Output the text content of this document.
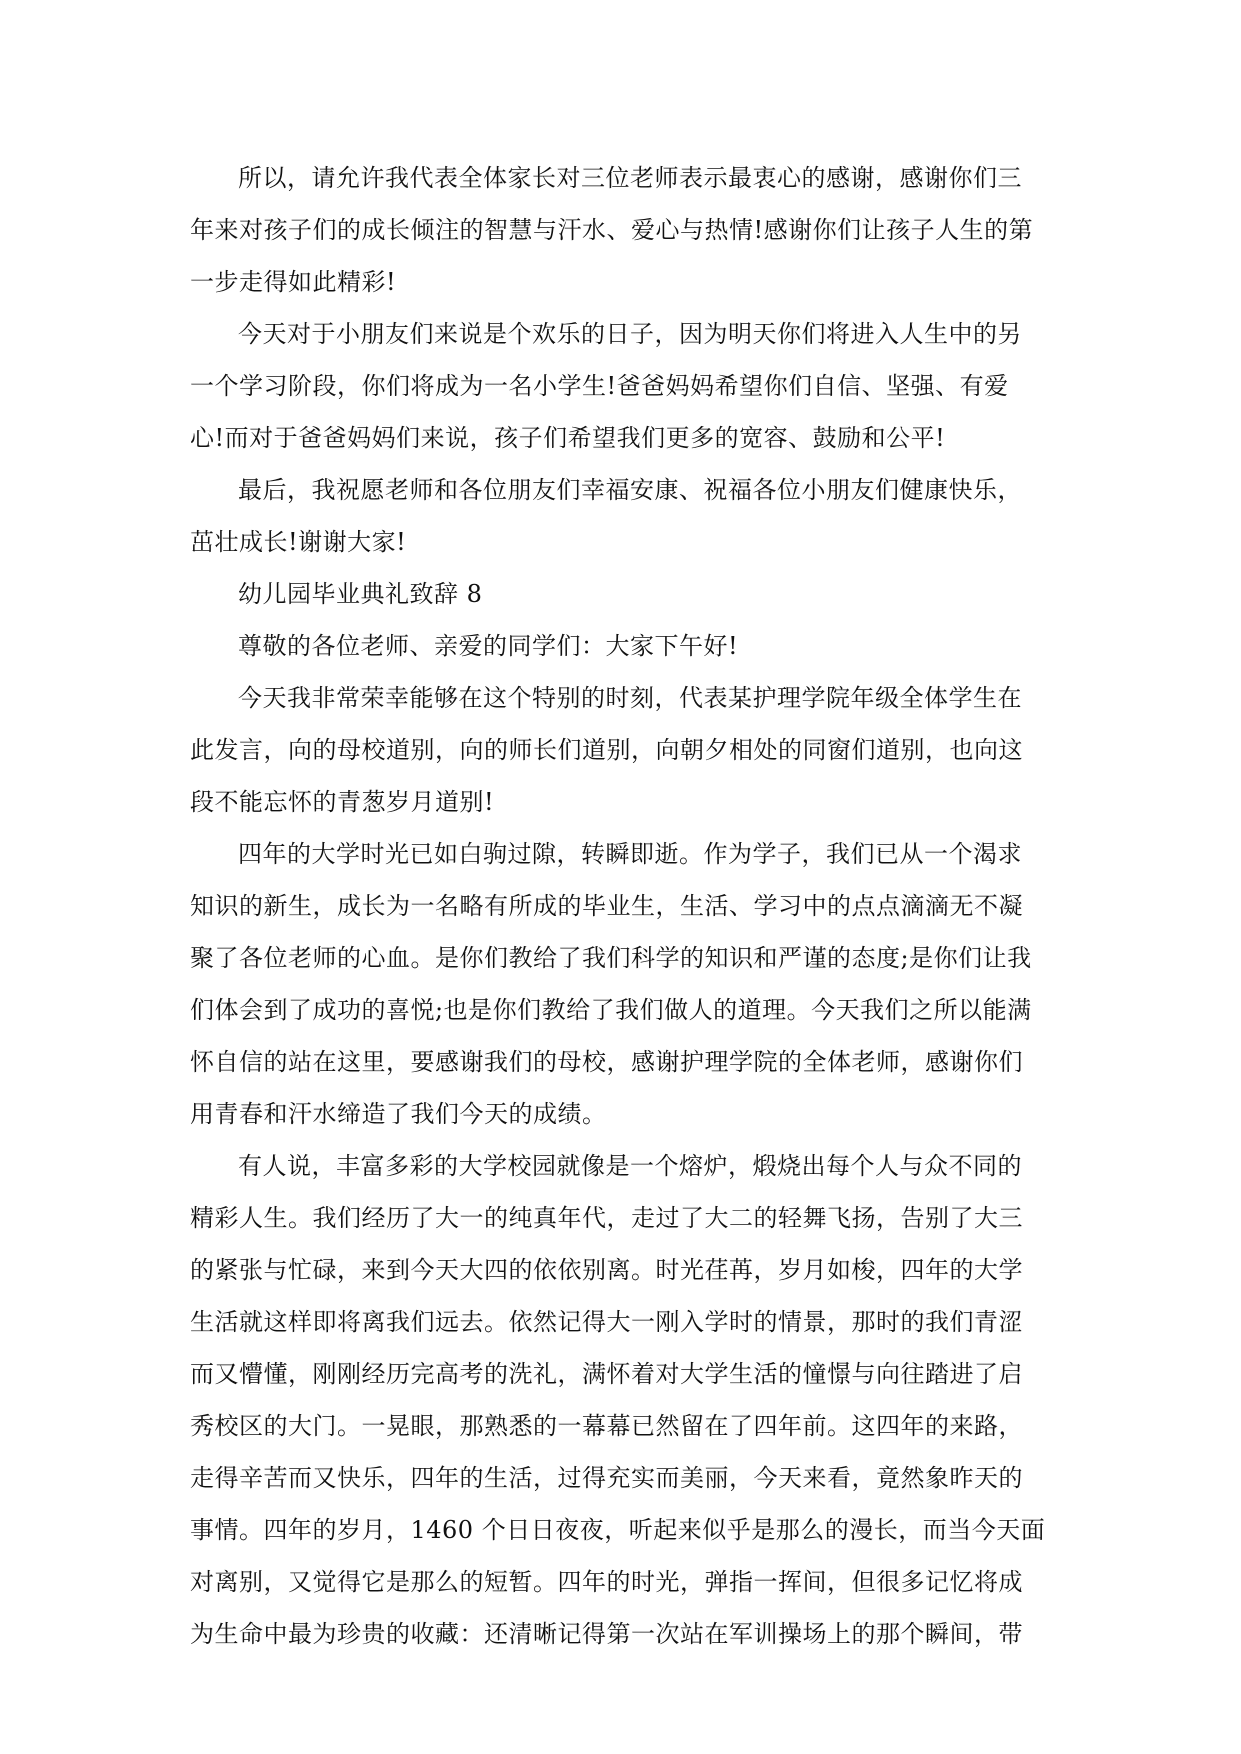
所以，请允许我代表全体家长对三位老师表示最衷心的感谢，感谢你们三
年来对孩子们的成长倾注的智慧与汗水、爱心与热情!感谢你们让孩子人生的第
一步走得如此精彩!
今天对于小朋友们来说是个欢乐的日子，因为明天你们将进入人生中的另
一个学习阶段，你们将成为一名小学生!爸爸妈妈希望你们自信、坚强、有爱
心!而对于爸爸妈妈们来说，孩子们希望我们更多的宽容、鼓励和公平!
最后，我祝愿老师和各位朋友们幸福安康、祝福各位小朋友们健康快乐，
茁壮成长!谢谢大家!
幼儿园毕业典礼致辞 8
尊敬的各位老师、亲爱的同学们：大家下午好!
今天我非常荣幸能够在这个特别的时刻，代表某护理学院年级全体学生在
此发言，向的母校道别，向的师长们道别，向朝夕相处的同窗们道别，也向这
段不能忘怀的青葱岁月道别!
四年的大学时光已如白驹过隙，转瞬即逝。作为学子，我们已从一个渴求
知识的新生，成长为一名略有所成的毕业生，生活、学习中的点点滴滴无不凝
聚了各位老师的心血。是你们教给了我们科学的知识和严谨的态度;是你们让我
们体会到了成功的喜悦;也是你们教给了我们做人的道理。今天我们之所以能满
怀自信的站在这里，要感谢我们的母校，感谢护理学院的全体老师，感谢你们
用青春和汗水缔造了我们今天的成绩。
有人说，丰富多彩的大学校园就像是一个熔炉，煅烧出每个人与众不同的
精彩人生。我们经历了大一的纯真年代，走过了大二的轻舞飞扬，告别了大三
的紧张与忙碌，来到今天大四的依依别离。时光荏苒，岁月如梭，四年的大学
生活就这样即将离我们远去。依然记得大一刚入学时的情景，那时的我们青涩
而又懵懂，刚刚经历完高考的洗礼，满怀着对大学生活的憧憬与向往踏进了启
秀校区的大门。一晃眼，那熟悉的一幕幕已然留在了四年前。这四年的来路，
走得辛苦而又快乐，四年的生活，过得充实而美丽，今天来看，竟然象昨天的
事情。四年的岁月，1460 个日日夜夜，听起来似乎是那么的漫长，而当今天面
对离别，又觉得它是那么的短暂。四年的时光，弹指一挥间，但很多记忆将成
为生命中最为珍贵的收藏：还清晰记得第一次站在军训操场上的那个瞬间，带
